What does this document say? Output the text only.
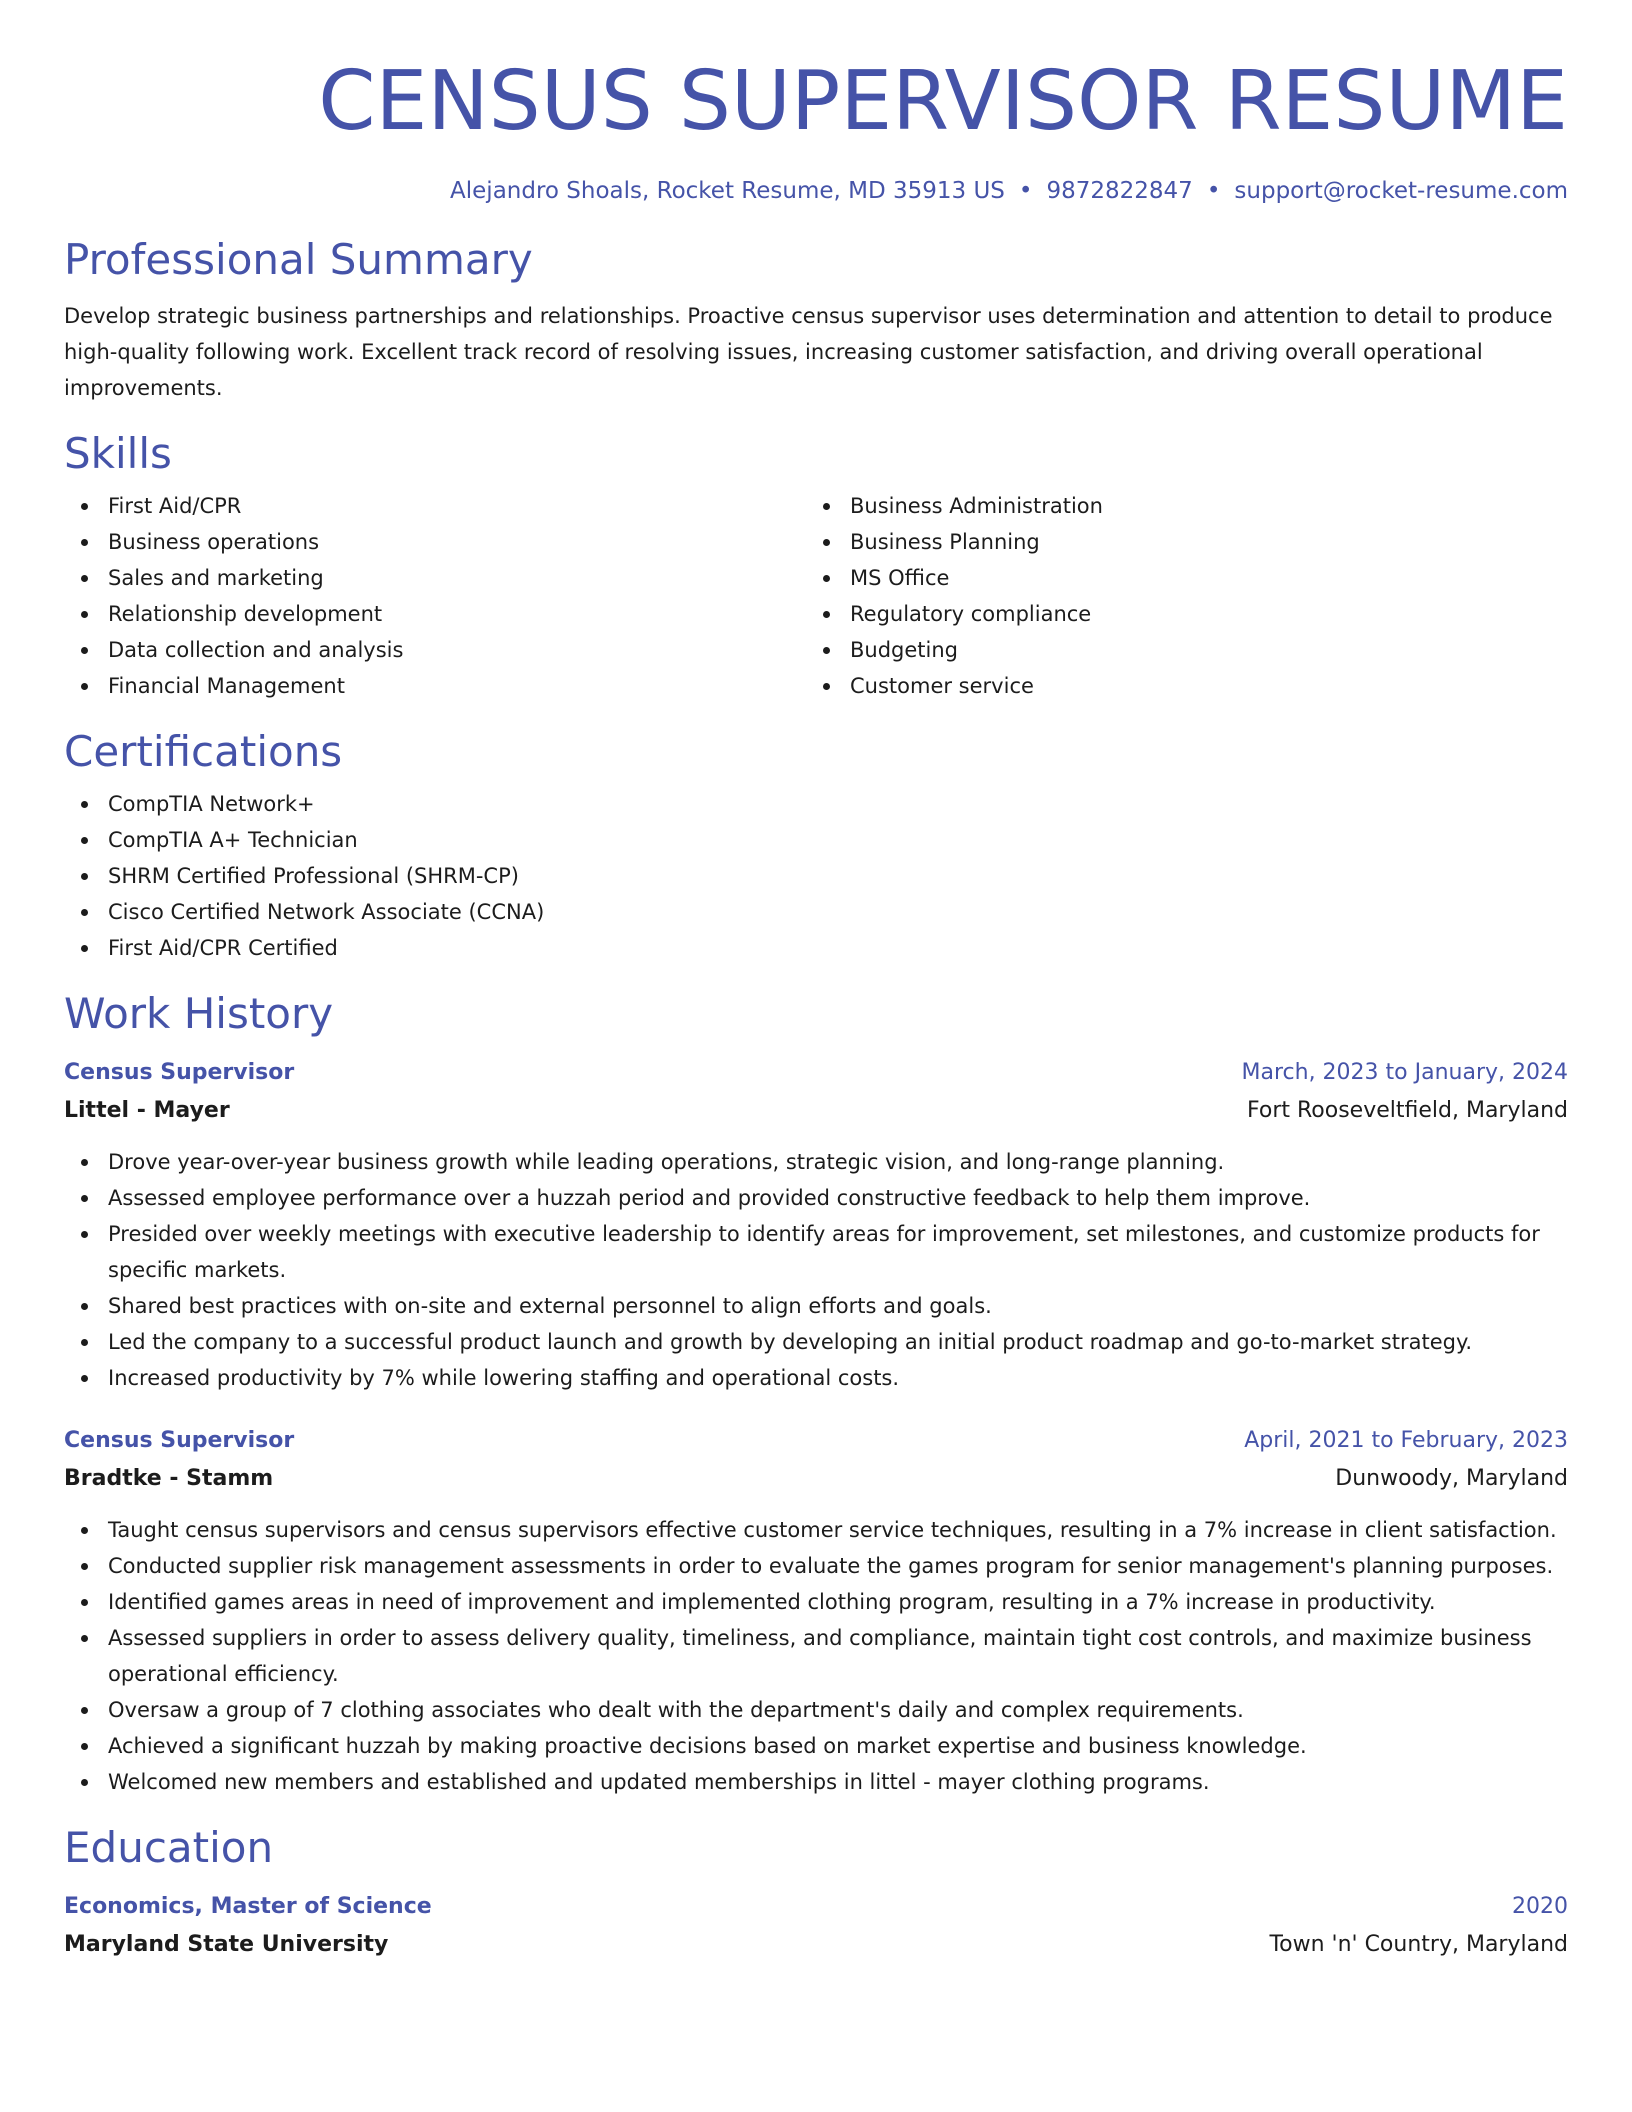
CENSUS SUPERVISOR RESUME
Alejandro Shoals, Rocket Resume, MD 35913 US • 9872822847 • support@rocket-resume.com
Professional Summary

Develop strategic business partnerships and relationships. Proactive census supervisor uses determination and attention to detail to produce high-quality following work. Excellent track record of resolving issues, increasing customer satisfaction, and driving overall operational improvements.

Skills
First Aid/CPR
Business operations
Sales and marketing
Relationship development
Data collection and analysis
Financial Management
Business Administration
Business Planning
MS Office
Regulatory compliance
Budgeting
Customer service
Certifications
CompTIA Network+
CompTIA A+ Technician
SHRM Certified Professional (SHRM-CP)
Cisco Certified Network Associate (CCNA)
First Aid/CPR Certified
Work History
Census Supervisor	March, 2023 to January, 2024
Littel - Mayer	Fort Rooseveltfield, Maryland
Drove year-over-year business growth while leading operations, strategic vision, and long-range planning.
Assessed employee performance over a huzzah period and provided constructive feedback to help them improve.
Presided over weekly meetings with executive leadership to identify areas for improvement, set milestones, and customize products for specific markets.
Shared best practices with on-site and external personnel to align efforts and goals.
Led the company to a successful product launch and growth by developing an initial product roadmap and go-to-market strategy.
Increased productivity by 7% while lowering staffing and operational costs.
Census Supervisor	April, 2021 to February, 2023
Bradtke - Stamm	Dunwoody, Maryland
Taught census supervisors and census supervisors effective customer service techniques, resulting in a 7% increase in client satisfaction.
Conducted supplier risk management assessments in order to evaluate the games program for senior management's planning purposes.
Identified games areas in need of improvement and implemented clothing program, resulting in a 7% increase in productivity.
Assessed suppliers in order to assess delivery quality, timeliness, and compliance, maintain tight cost controls, and maximize business operational efficiency.
Oversaw a group of 7 clothing associates who dealt with the department's daily and complex requirements.
Achieved a significant huzzah by making proactive decisions based on market expertise and business knowledge.
Welcomed new members and established and updated memberships in littel - mayer clothing programs.
Education
Economics, Master of Science	2020
Maryland State University	Town 'n' Country, Maryland
